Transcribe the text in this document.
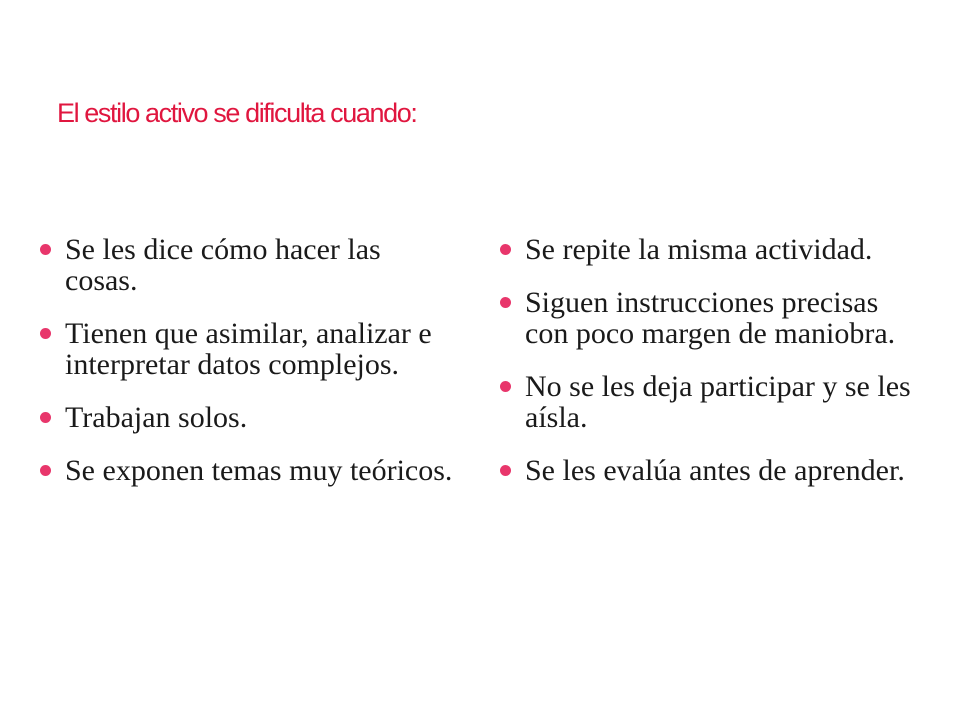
El estilo activo se dificulta cuando:
Se les dice cómo hacer las cosas.
Tienen que asimilar, analizar e interpretar datos complejos.
Trabajan solos.
Se exponen temas muy teóricos.
Se repite la misma actividad.
Siguen instrucciones precisas con poco margen de maniobra.
No se les deja participar y se les aísla.
Se les evalúa antes de aprender.
